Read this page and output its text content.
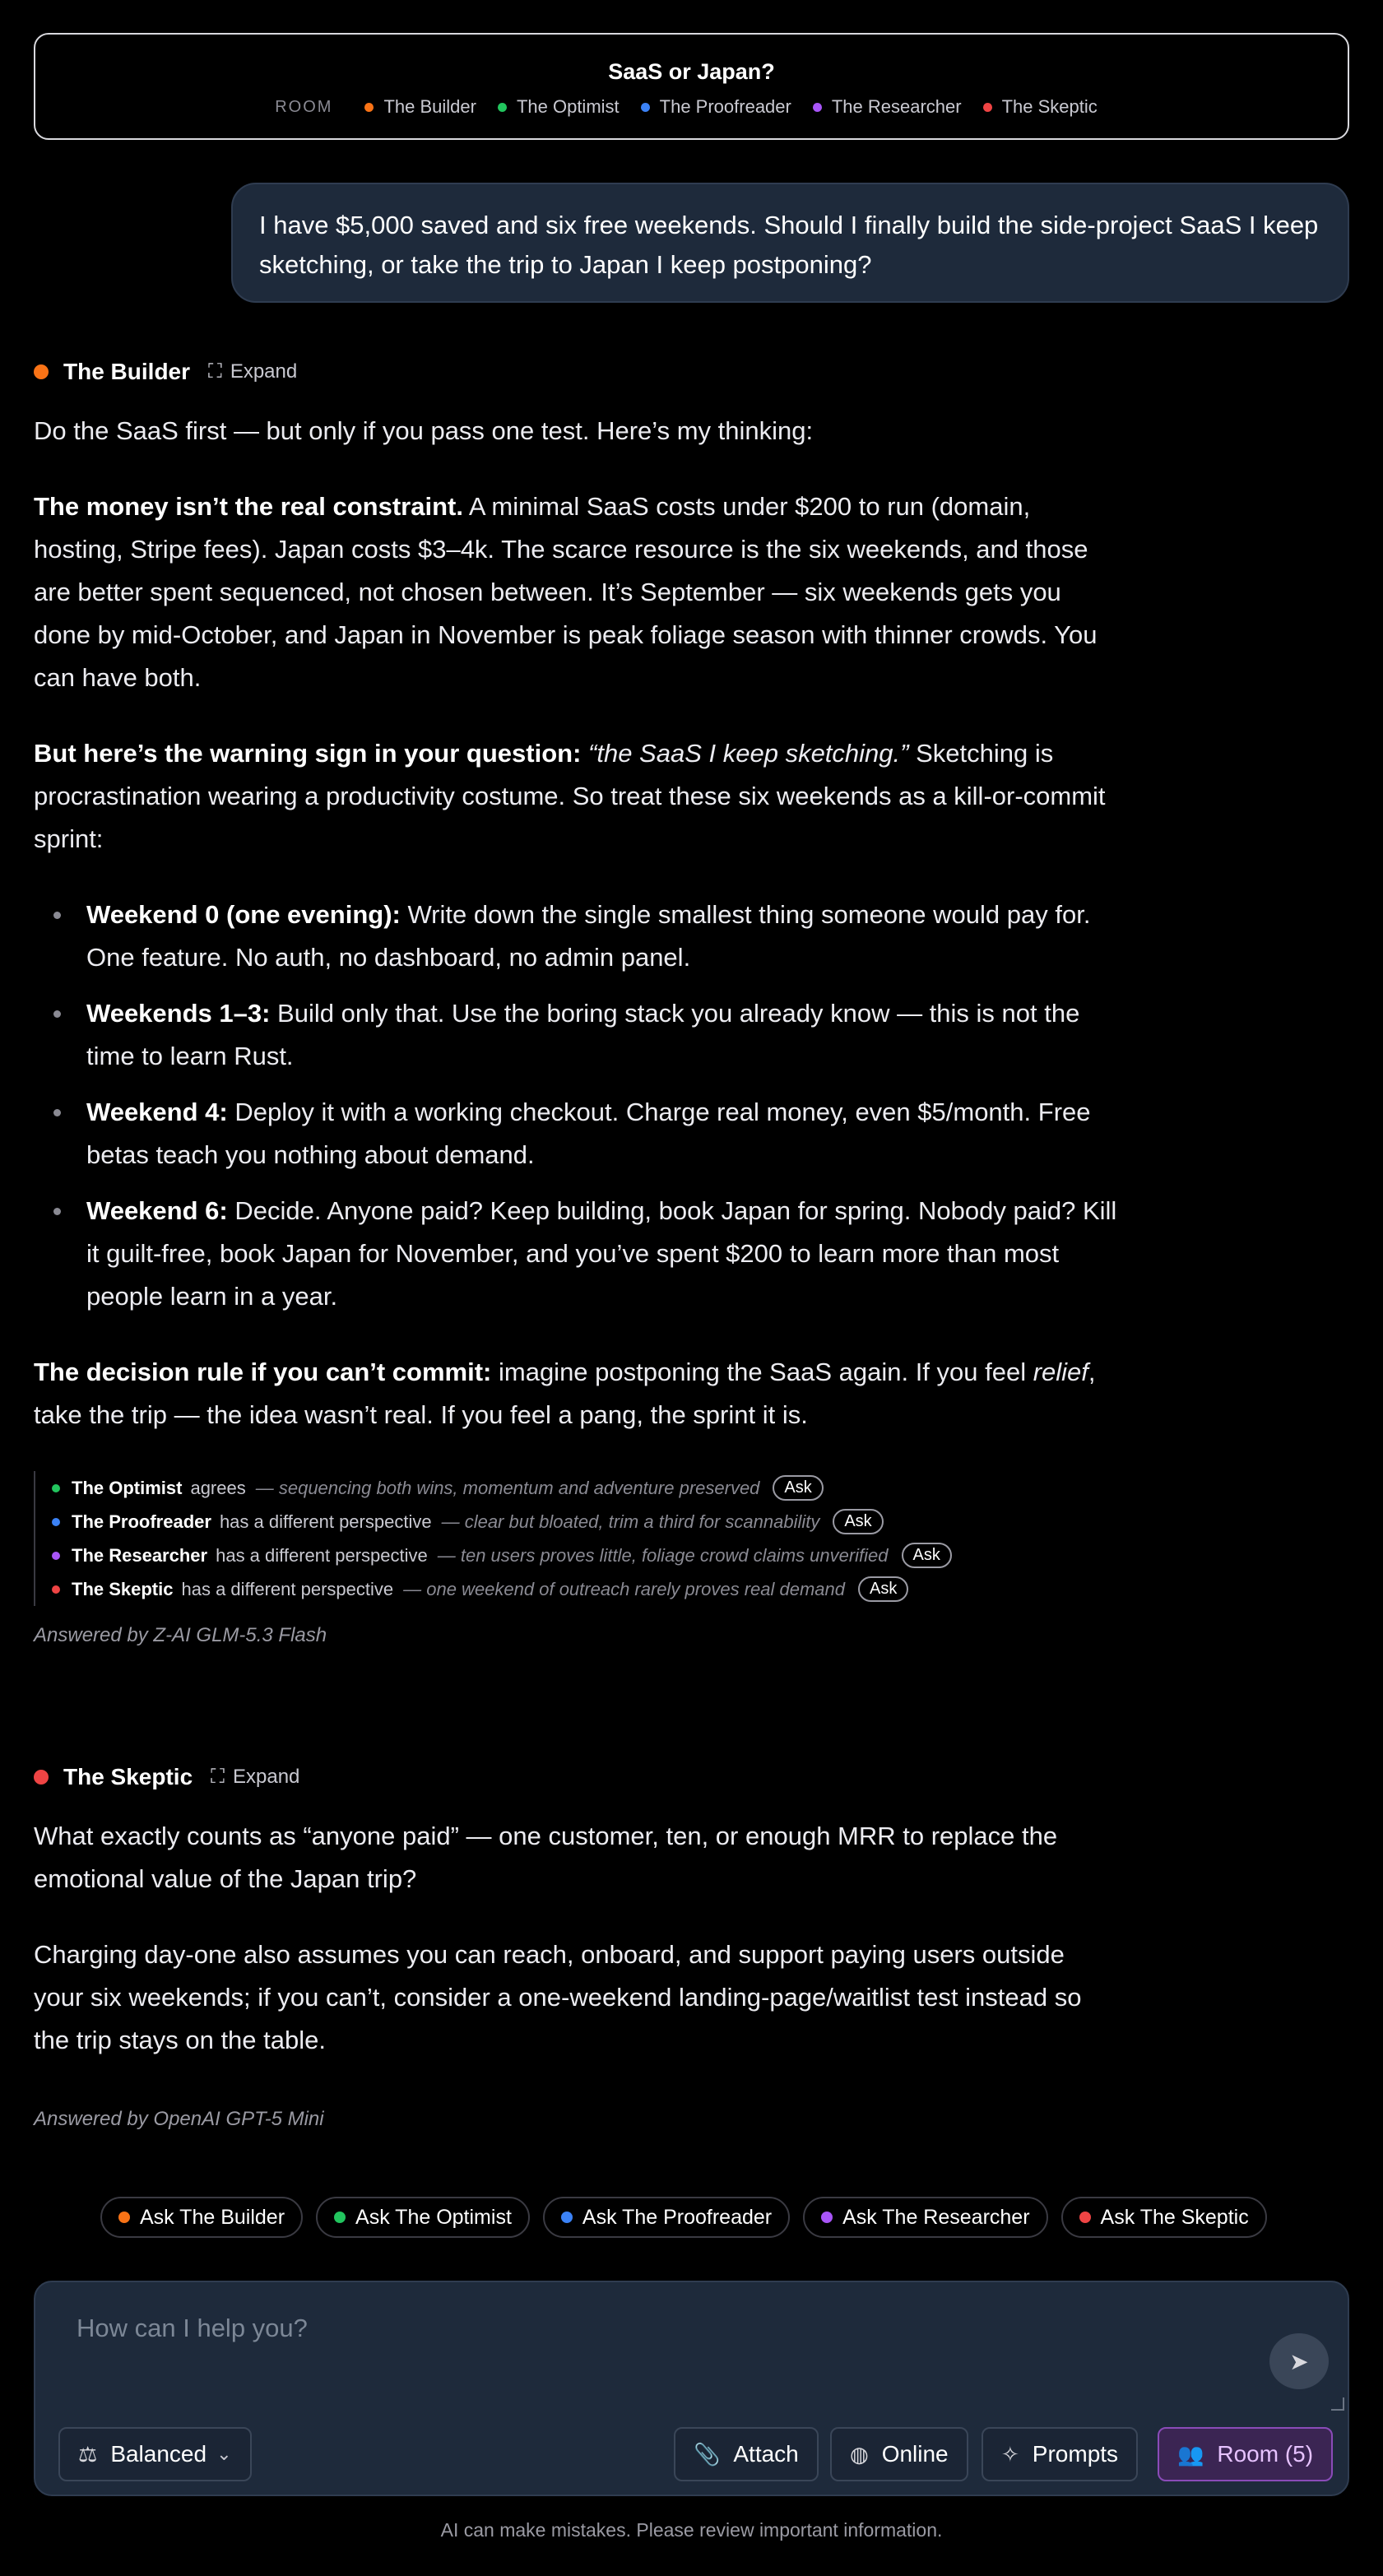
SaaS or Japan?
ROOM	The Builder The Optimist The Proofreader The Researcher The Skeptic
I have $5,000 saved and six free weekends. Should I finally build the side-project SaaS I keep sketching, or take the trip to Japan I keep postponing?
The Builder ⛶ Expand

Do the SaaS first — but only if you pass one test. Here’s my thinking:

The money isn’t the real constraint. A minimal SaaS costs under $200 to run (domain, hosting, Stripe fees). Japan costs $3–4k. The scarce resource is the six weekends, and those are better spent sequenced, not chosen between. It’s September — six weekends gets you done by mid-October, and Japan in November is peak foliage season with thinner crowds. You can have both.

But here’s the warning sign in your question: “the SaaS I keep sketching.” Sketching is procrastination wearing a productivity costume. So treat these six weekends as a kill-or-commit sprint:

Weekend 0 (one evening): Write down the single smallest thing someone would pay for. One feature. No auth, no dashboard, no admin panel.
Weekends 1–3: Build only that. Use the boring stack you already know — this is not the time to learn Rust.
Weekend 4: Deploy it with a working checkout. Charge real money, even $5/month. Free betas teach you nothing about demand.
Weekend 6: Decide. Anyone paid? Keep building, book Japan for spring. Nobody paid? Kill it guilt-free, book Japan for November, and you’ve spent $200 to learn more than most people learn in a year.

The decision rule if you can’t commit: imagine postponing the SaaS again. If you feel relief, take the trip — the idea wasn’t real. If you feel a pang, the sprint it is.

The Optimist agrees — sequencing both wins, momentum and adventure preserved	Ask
The Proofreader has a different perspective — clear but bloated, trim a third for scannability	Ask
The Researcher has a different perspective — ten users proves little, foliage crowd claims unverified	Ask
The Skeptic has a different perspective — one weekend of outreach rarely proves real demand	Ask
Answered by Z-AI GLM-5.3 Flash
The Skeptic ⛶ Expand

What exactly counts as “anyone paid” — one customer, ten, or enough MRR to replace the emotional value of the Japan trip?

Charging day-one also assumes you can reach, onboard, and support paying users outside your six weekends; if you can’t, consider a one-weekend landing-page/waitlist test instead so the trip stays on the table.

Answered by OpenAI GPT-5 Mini
Ask The Builder	Ask The Optimist	Ask The Proofreader	Ask The Researcher	Ask The Skeptic
How can I help you?
➤
⚖ Balanced ⌄	📎 Attach ◍ Online ✧ Prompts	👥 Room (5)
AI can make mistakes. Please review important information.
